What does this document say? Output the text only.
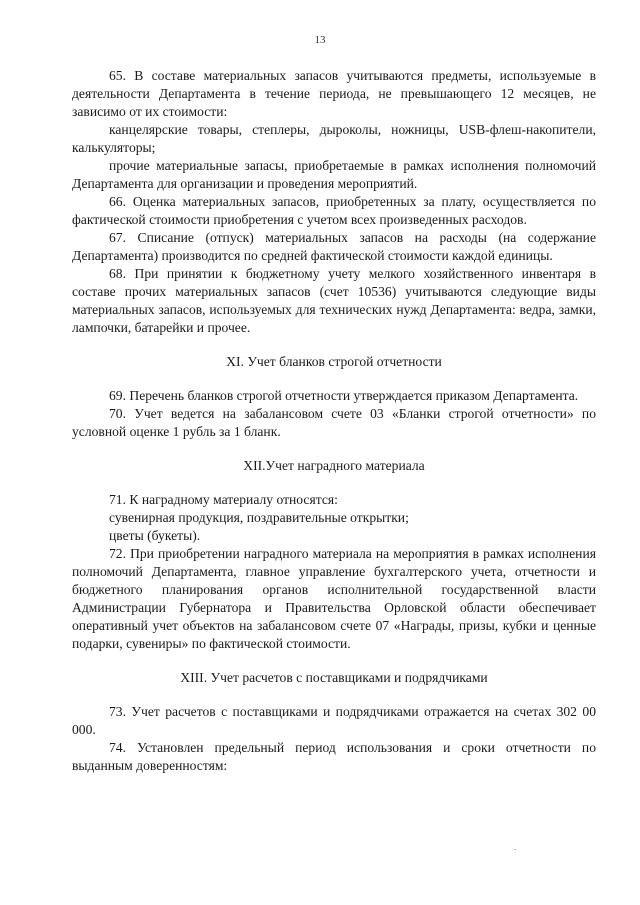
13

65. В составе материальных запасов учитываются предметы, используемые в деятельности Департамента в течение периода, не превышающего 12 месяцев, не зависимо от их стоимости:

канцелярские товары, степлеры, дыроколы, ножницы, USB-флеш-накопители, калькуляторы;

прочие материальные запасы, приобретаемые в рамках исполнения полномочий Департамента для организации и проведения мероприятий.

66. Оценка материальных запасов, приобретенных за плату, осуществляется по фактической стоимости приобретения с учетом всех произведенных расходов.

67. Списание (отпуск) материальных запасов на расходы (на содержание Департамента) производится по средней фактической стоимости каждой единицы.

68. При принятии к бюджетному учету мелкого хозяйственного инвентаря в составе прочих материальных запасов (счет 10536) учитываются следующие виды материальных запасов, используемых для технических нужд Департамента: ведра, замки, лампочки, батарейки и прочее.

XI. Учет бланков строгой отчетности

69. Перечень бланков строгой отчетности утверждается приказом Департамента.

70. Учет ведется на забалансовом счете 03 «Бланки строгой отчетности» по условной оценке 1 рубль за 1 бланк.

XII.Учет наградного материала

71. К наградному материалу относятся:

сувенирная продукция, поздравительные открытки;

цветы (букеты).

72. При приобретении наградного материала на мероприятия в рамках исполнения полномочий Департамента, главное управление бухгалтерского учета, отчетности и бюджетного планирования органов исполнительной государственной власти Администрации Губернатора и Правительства Орловской области обеспечивает оперативный учет объектов на забалансовом счете 07 «Награды, призы, кубки и ценные подарки, сувениры» по фактической стоимости.

XIII. Учет расчетов с поставщиками и подрядчиками

73. Учет расчетов с поставщиками и подрядчиками отражается на счетах 302 00 000.

74. Установлен предельный период использования и сроки отчетности по выданным доверенностям:
